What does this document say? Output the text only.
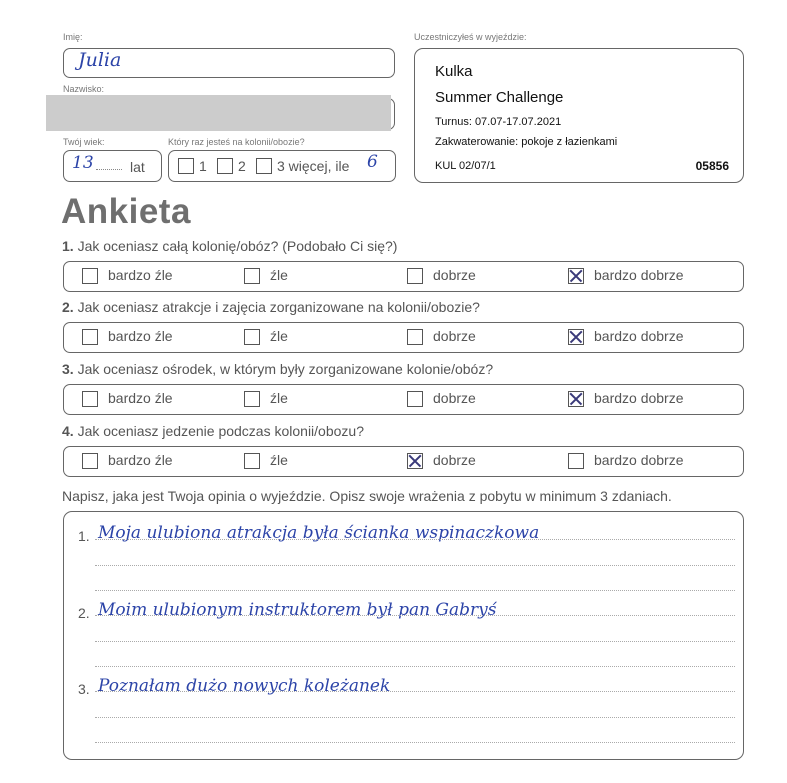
Imię:
Julia
Nazwisko:
Twój wiek:
13	lat
Który raz jesteś na kolonii/obozie?
1 2 3 więcej, ile 6
Uczestniczyłeś w wyjeździe:
Kulka
Summer Challenge
Turnus: 07.07-17.07.2021
Zakwaterowanie: pokoje z łazienkami
KUL 02/07/1	05856
Ankieta
1. Jak oceniasz całą kolonię/obóz? (Podobało Ci się?)
bardzo źle	źle	dobrze	bardzo dobrze
2. Jak oceniasz atrakcje i zajęcia zorganizowane na kolonii/obozie?
bardzo źle	źle	dobrze	bardzo dobrze
3. Jak oceniasz ośrodek, w którym były zorganizowane kolonie/obóz?
bardzo źle	źle	dobrze	bardzo dobrze
4. Jak oceniasz jedzenie podczas kolonii/obozu?
bardzo źle	źle	dobrze	bardzo dobrze
Napisz, jaka jest Twoja opinia o wyjeździe. Opisz swoje wrażenia z pobytu w minimum 3 zdaniach.
1. Moja ulubiona atrakcja była ścianka wspinaczkowa
2. Moim ulubionym instruktorem był pan Gabryś
3. Poznałam dużo nowych koleżanek
